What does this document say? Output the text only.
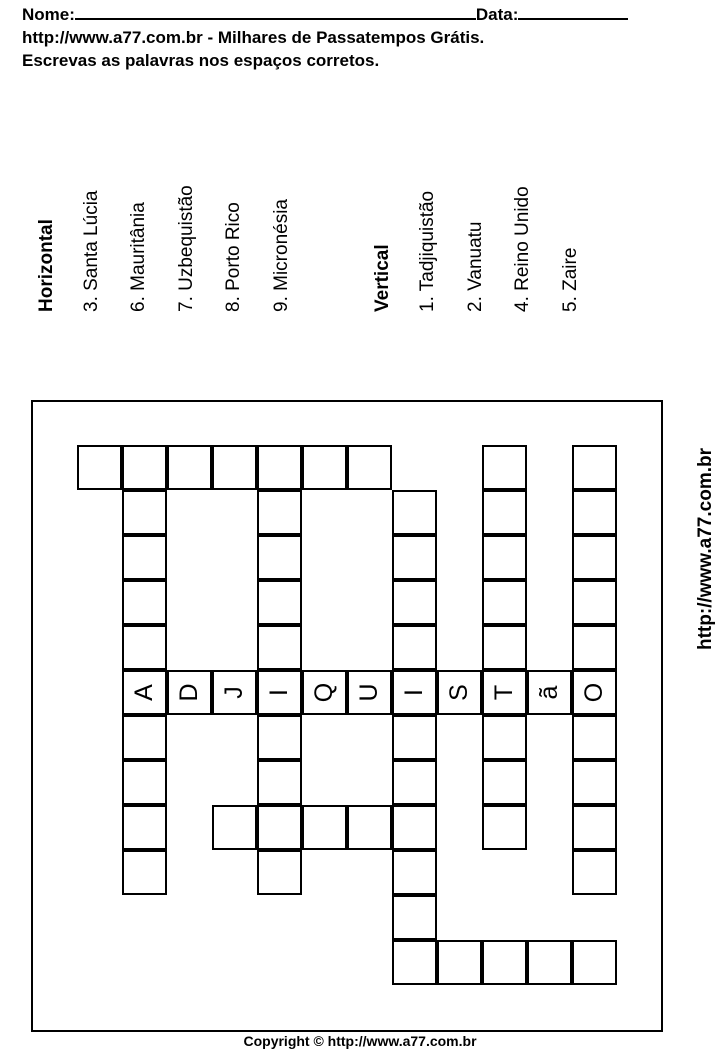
Nome:	Data:
http://www.a77.com.br - Milhares de Passatempos Grátis.
Escrevas as palavras nos espaços corretos.
Horizontal 3. Santa Lúcia 6. Mauritânia 7. Uzbequistão 8. Porto Rico 9. Micronésia	Vertical 1. Tadjiquistão 2. Vanuatu 4. Reino Unido 5. Zaire
http://www.a77.com.br
A D J I Q U I S T ã O
Copyright © http://www.a77.com.br
